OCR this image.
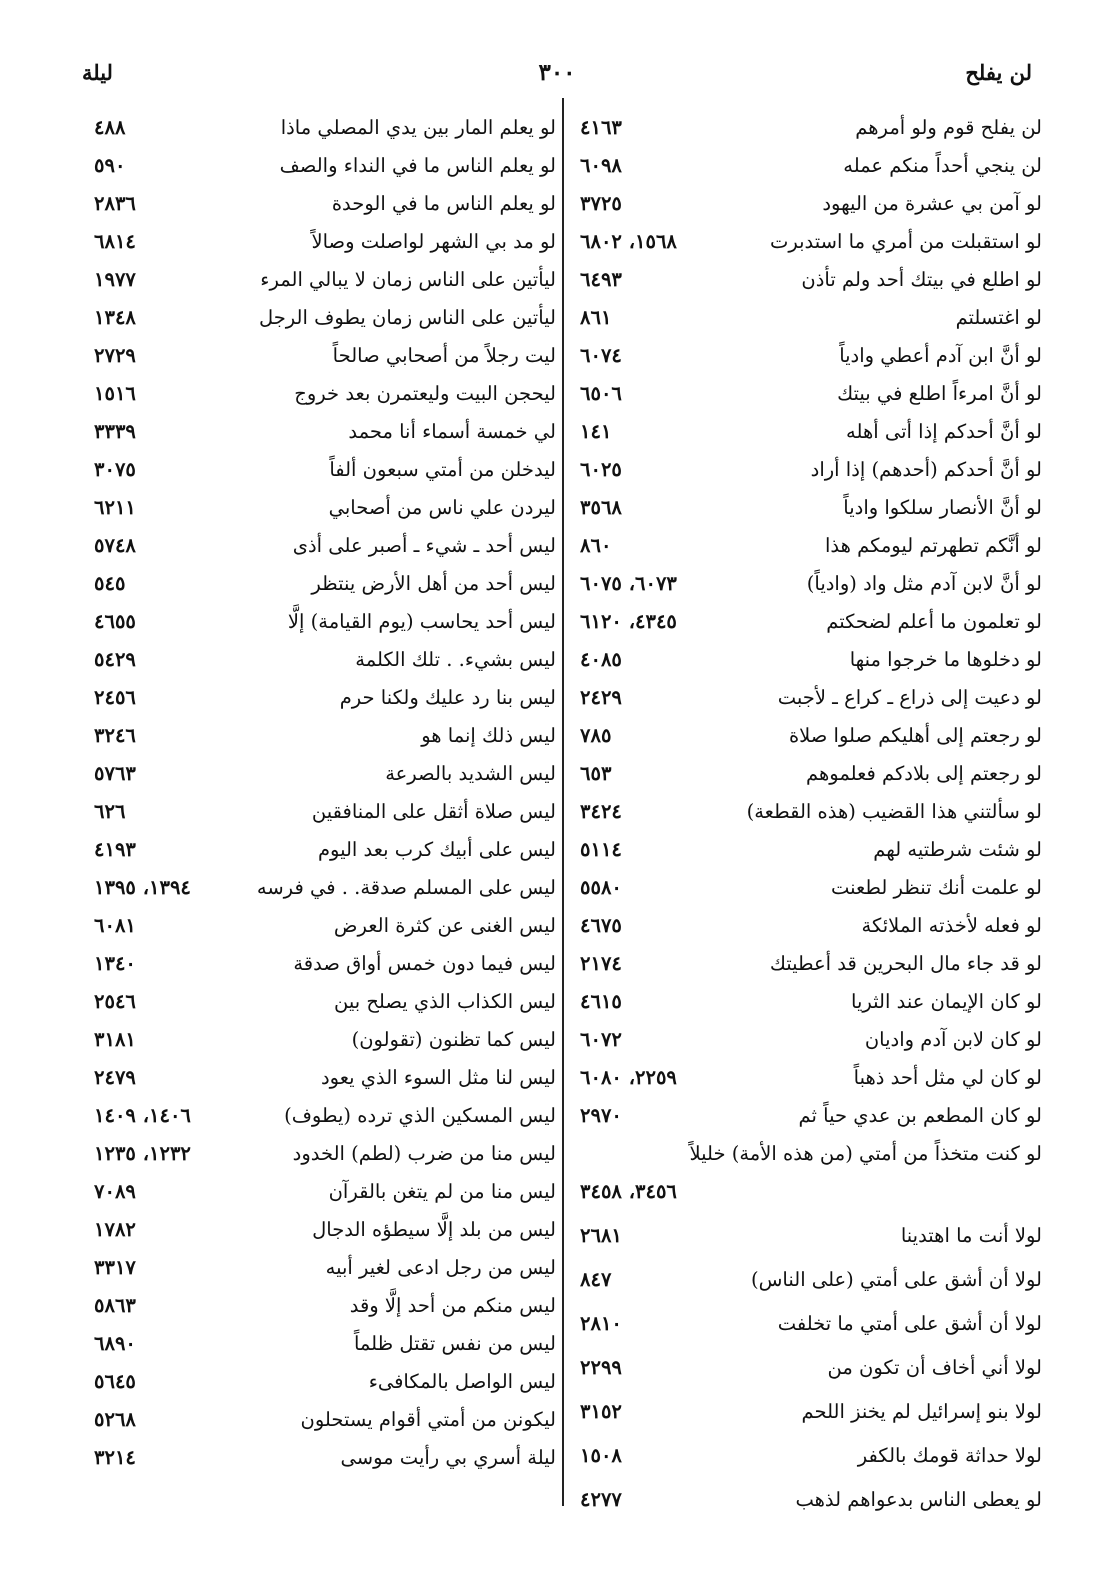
لن يفلح
٣٠٠
ليلة
لن يفلح قوم ولو أمرهم
٤١٦٣
لن ينجي أحداً منكم عمله
٦٠٩٨
لو آمن بي عشرة من اليهود
٣٧٢٥
لو استقبلت من أمري ما استدبرت
١٥٦٨، ٦٨٠٢
لو اطلع في بيتك أحد ولم تأذن
٦٤٩٣
لو اغتسلتم
٨٦١
لو أنَّ ابن آدم أعطي وادياً
٦٠٧٤
لو أنَّ امرءاً اطلع في بيتك
٦٥٠٦
لو أنَّ أحدكم إذا أتى أهله
١٤١
لو أنَّ أحدكم (أحدهم) إذا أراد
٦٠٢٥
لو أنَّ الأنصار سلكوا وادياً
٣٥٦٨
لو أنَّكم تطهرتم ليومكم هذا
٨٦٠
لو أنَّ لابن آدم مثل واد (وادياً)
٦٠٧٣، ٦٠٧٥
لو تعلمون ما أعلم لضحكتم
٤٣٤٥، ٦١٢٠
لو دخلوها ما خرجوا منها
٤٠٨٥
لو دعيت إلى ذراع ـ كراع ـ لأجبت
٢٤٢٩
لو رجعتم إلى أهليكم صلوا صلاة
٧٨٥
لو رجعتم إلى بلادكم فعلموهم
٦٥٣
لو سألتني هذا القضيب (هذه القطعة)
٣٤٢٤
لو شئت شرطتيه لهم
٥١١٤
لو علمت أنك تنظر لطعنت
٥٥٨٠
لو فعله لأخذته الملائكة
٤٦٧٥
لو قد جاء مال البحرين قد أعطيتك
٢١٧٤
لو كان الإيمان عند الثريا
٤٦١٥
لو كان لابن آدم واديان
٦٠٧٢
لو كان لي مثل أحد ذهباً
٢٢٥٩، ٦٠٨٠
لو كان المطعم بن عدي حياً ثم
٢٩٧٠
لو كنت متخذاً من أمتي (من هذه الأمة) خليلاً
٣٤٥٦، ٣٤٥٨
لولا أنت ما اهتدينا
٢٦٨١
لولا أن أشق على أمتي (على الناس)
٨٤٧
لولا أن أشق على أمتي ما تخلفت
٢٨١٠
لولا أني أخاف أن تكون من
٢٢٩٩
لولا بنو إسرائيل لم يخنز اللحم
٣١٥٢
لولا حداثة قومك بالكفر
١٥٠٨
لو يعطى الناس بدعواهم لذهب
٤٢٧٧
لو يعلم المار بين يدي المصلي ماذا
٤٨٨
لو يعلم الناس ما في النداء والصف
٥٩٠
لو يعلم الناس ما في الوحدة
٢٨٣٦
لو مد بي الشهر لواصلت وصالاً
٦٨١٤
ليأتين على الناس زمان لا يبالي المرء
١٩٧٧
ليأتين على الناس زمان يطوف الرجل
١٣٤٨
ليت رجلاً من أصحابي صالحاً
٢٧٢٩
ليحجن البيت وليعتمرن بعد خروج
١٥١٦
لي خمسة أسماء أنا محمد
٣٣٣٩
ليدخلن من أمتي سبعون ألفاً
٣٠٧٥
ليردن علي ناس من أصحابي
٦٢١١
ليس أحد ـ شيء ـ أصبر على أذى
٥٧٤٨
ليس أحد من أهل الأرض ينتظر
٥٤٥
ليس أحد يحاسب (يوم القيامة) إلَّا
٤٦٥٥
ليس بشيء. . تلك الكلمة
٥٤٢٩
ليس بنا رد عليك ولكنا حرم
٢٤٥٦
ليس ذلك إنما هو
٣٢٤٦
ليس الشديد بالصرعة
٥٧٦٣
ليس صلاة أثقل على المنافقين
٦٢٦
ليس على أبيك كرب بعد اليوم
٤١٩٣
ليس على المسلم صدقة. . في فرسه
١٣٩٤، ١٣٩٥
ليس الغنى عن كثرة العرض
٦٠٨١
ليس فيما دون خمس أواق صدقة
١٣٤٠
ليس الكذاب الذي يصلح بين
٢٥٤٦
ليس كما تظنون (تقولون)
٣١٨١
ليس لنا مثل السوء الذي يعود
٢٤٧٩
ليس المسكين الذي ترده (يطوف)
١٤٠٦، ١٤٠٩
ليس منا من ضرب (لطم) الخدود
١٢٣٢، ١٢٣٥
ليس منا من لم يتغن بالقرآن
٧٠٨٩
ليس من بلد إلَّا سيطؤه الدجال
١٧٨٢
ليس من رجل ادعى لغير أبيه
٣٣١٧
ليس منكم من أحد إلَّا وقد
٥٨٦٣
ليس من نفس تقتل ظلماً
٦٨٩٠
ليس الواصل بالمكافىء
٥٦٤٥
ليكونن من أمتي أقوام يستحلون
٥٢٦٨
ليلة أسري بي رأيت موسى
٣٢١٤
